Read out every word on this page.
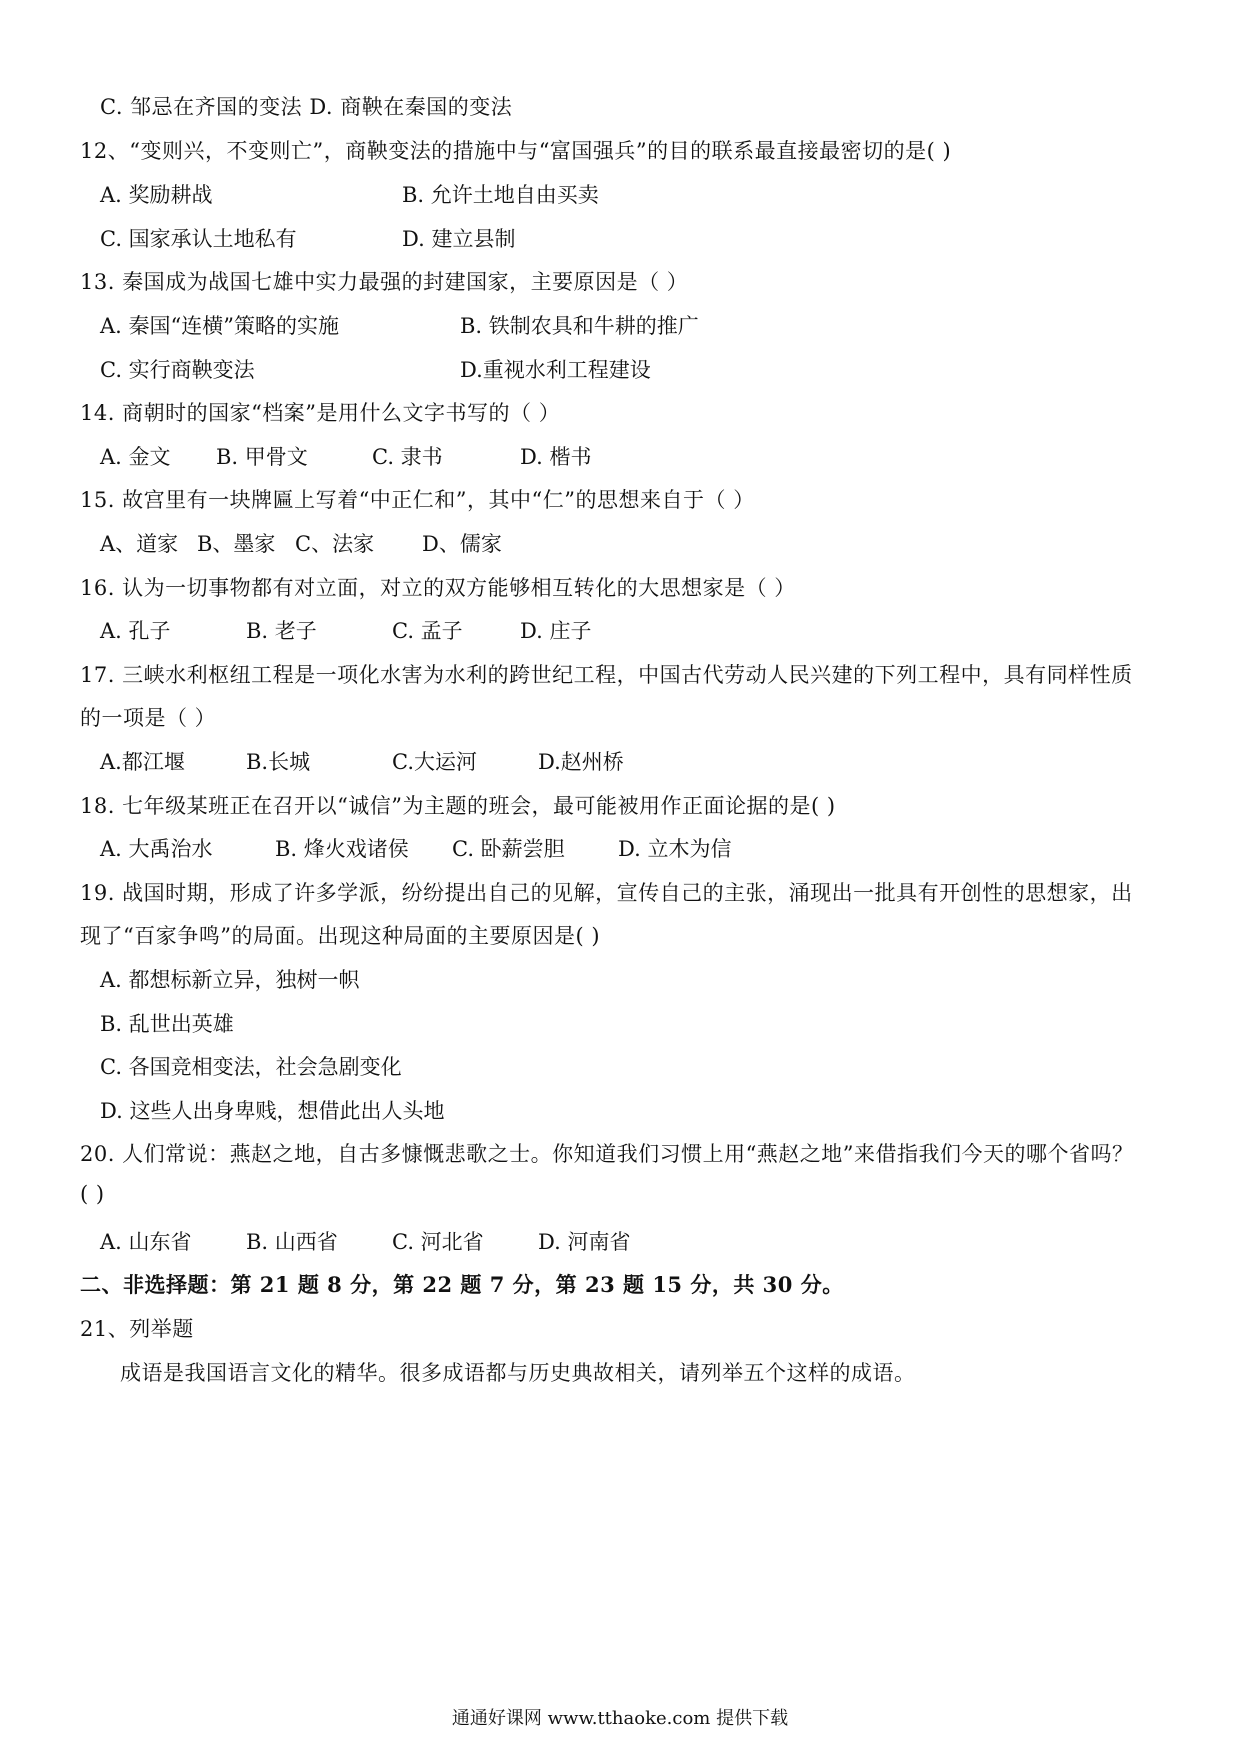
C. 邹忌在齐国的变法 D. 商鞅在秦国的变法
12、“变则兴，不变则亡”，商鞅变法的措施中与“富国强兵”的目的联系最直接最密切的是( )
A. 奖励耕战	B. 允许土地自由买卖
C. 国家承认土地私有	D. 建立县制
13. 秦国成为战国七雄中实力最强的封建国家，主要原因是（ ）
A. 秦国“连横”策略的实施	B. 铁制农具和牛耕的推广
C. 实行商鞅变法	D.重视水利工程建设
14. 商朝时的国家“档案”是用什么文字书写的（ ）
A. 金文 B. 甲骨文	C. 隶书	D. 楷书
15. 故宫里有一块牌匾上写着“中正仁和”，其中“仁”的思想来自于（ ）
A、道家 B、墨家 C、法家 D、儒家
16. 认为一切事物都有对立面，对立的双方能够相互转化的大思想家是（ ）
A. 孔子	B. 老子	C. 孟子	D. 庄子
17. 三峡水利枢纽工程是一项化水害为水利的跨世纪工程，中国古代劳动人民兴建的下列工程中，具有同样性质
的一项是（ ）
A.都江堰	B.长城	C.大运河	D.赵州桥
18. 七年级某班正在召开以“诚信”为主题的班会，最可能被用作正面论据的是( )
A. 大禹治水	B. 烽火戏诸侯 C. 卧薪尝胆	D. 立木为信
19. 战国时期，形成了许多学派，纷纷提出自己的见解，宣传自己的主张，涌现出一批具有开创性的思想家，出
现了“百家争鸣”的局面。出现这种局面的主要原因是( )
A. 都想标新立异，独树一帜
B. 乱世出英雄
C. 各国竞相变法，社会急剧变化
D. 这些人出身卑贱，想借此出人头地
20. 人们常说：燕赵之地，自古多慷慨悲歌之士。你知道我们习惯上用“燕赵之地”来借指我们今天的哪个省吗？
( )
A. 山东省	B. 山西省	C. 河北省	D. 河南省
二、非选择题：第 21 题 8 分，第 22 题 7 分，第 23 题 15 分，共 30 分。
21、列举题
成语是我国语言文化的精华。很多成语都与历史典故相关，请列举五个这样的成语。
通通好课网 www.tthaoke.com 提供下载
